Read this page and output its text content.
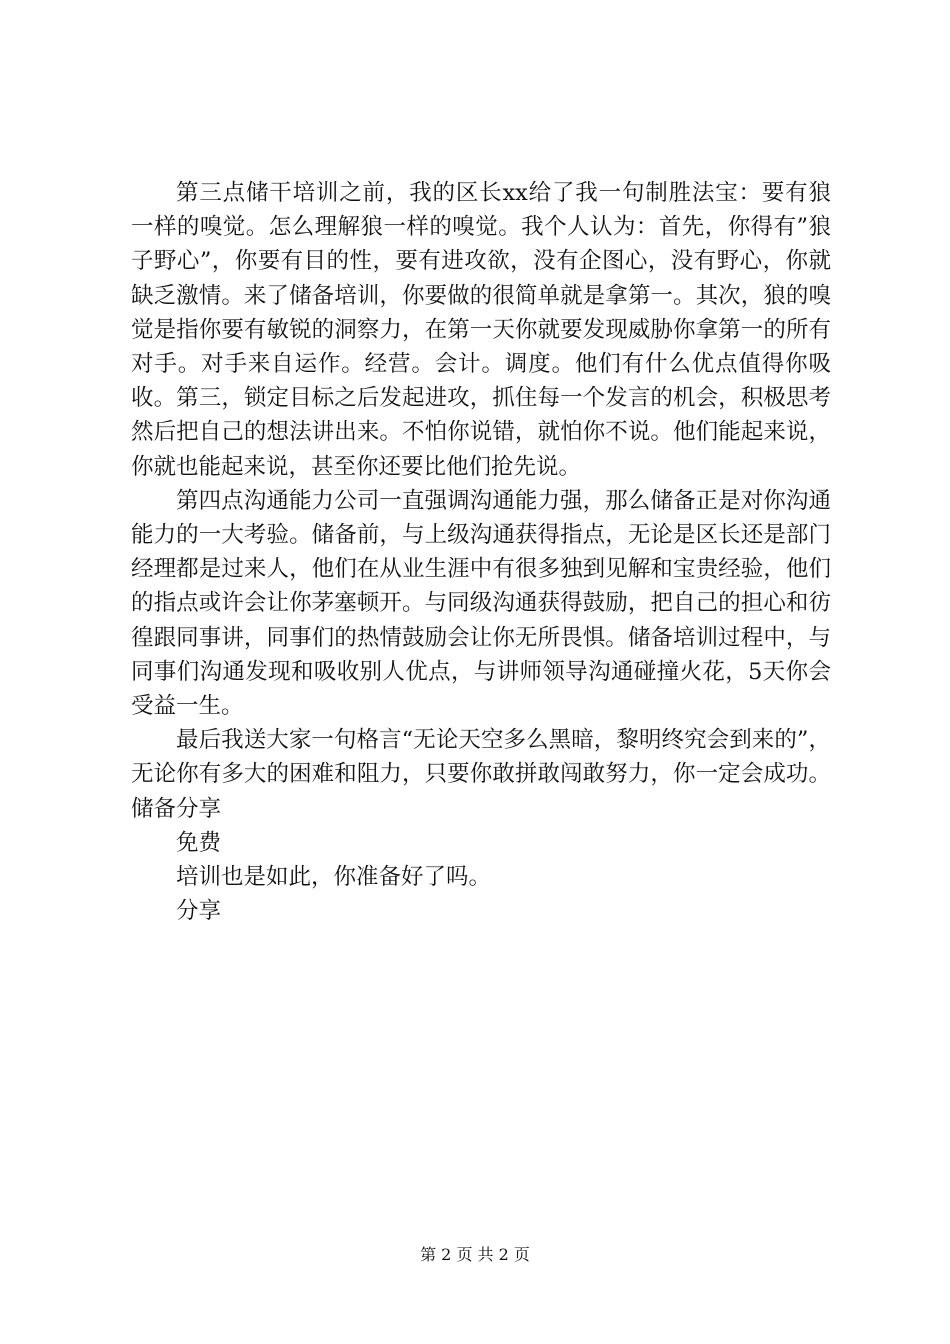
第三点储干培训之前，我的区长xx给了我一句制胜法宝：要有狼一样的嗅觉。怎么理解狼一样的嗅觉。我个人认为：首先，你得有”狼子野心”，你要有目的性，要有进攻欲，没有企图心，没有野心，你就缺乏激情。来了储备培训，你要做的很简单就是拿第一。其次，狼的嗅觉是指你要有敏锐的洞察力，在第一天你就要发现威胁你拿第一的所有对手。对手来自运作。经营。会计。调度。他们有什么优点值得你吸收。第三，锁定目标之后发起进攻，抓住每一个发言的机会，积极思考然后把自己的想法讲出来。不怕你说错，就怕你不说。他们能起来说，你就也能起来说，甚至你还要比他们抢先说。

第四点沟通能力公司一直强调沟通能力强，那么储备正是对你沟通能力的一大考验。储备前，与上级沟通获得指点，无论是区长还是部门经理都是过来人，他们在从业生涯中有很多独到见解和宝贵经验，他们的指点或许会让你茅塞顿开。与同级沟通获得鼓励，把自己的担心和彷徨跟同事讲，同事们的热情鼓励会让你无所畏惧。储备培训过程中，与同事们沟通发现和吸收别人优点，与讲师领导沟通碰撞火花，5天你会受益一生。

最后我送大家一句格言“无论天空多么黑暗，黎明终究会到来的”，无论你有多大的困难和阻力，只要你敢拼敢闯敢努力，你一定会成功。储备分享

免费

培训也是如此，你准备好了吗。

分享

第 2 页 共 2 页
